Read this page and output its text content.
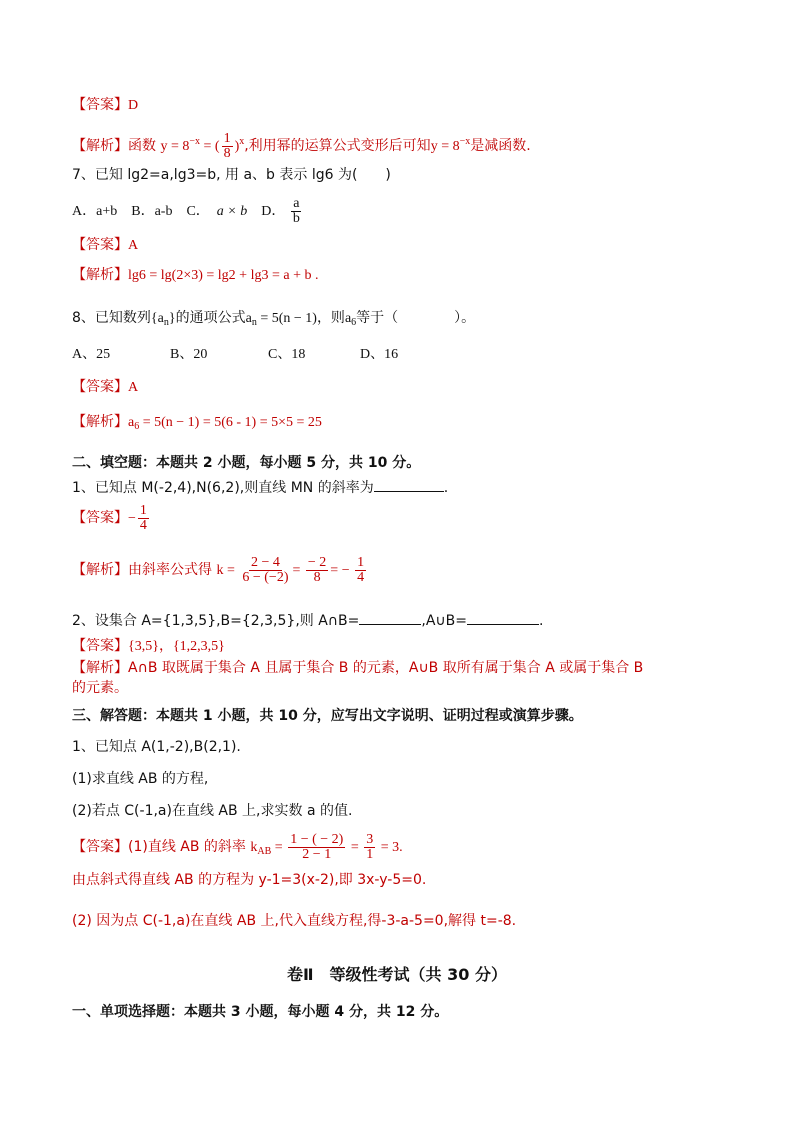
【答案】D
【解析】函数 $y = 8^{-x}$ = ( $\frac{1}{8} )^x$,利用幂的运算公式变形后可知$y = 8^{-x}$是减函数.
7、已知 lg2=a,lg3=b, 用 a、b 表示 lg6 为(　　)
A．a+b B．a-b C． a × b D． $\frac{a}{b}$
【答案】A
【解析】lg6 = lg(2×3) = lg2 + lg3 = a + b .
8、已知数列$\{a_n\}$的通项公式$a_n = 5(n - 1)$，则$a_6$等于（　　　　）。
A、25	B、20	C、18	D、16
【答案】A
【解析】$a_6 = 5(n - 1) = 5(6 - 1) = 5\times 5 = 25$
二、填空题：本题共 2 小题，每小题 5 分，共 10 分。
1、已知点 M(-2,4),N(6,2),则直线 MN 的斜率为	.
【答案】− $\frac{1}{4}$
【解析】由斜率公式得 $k = \frac{2 - 4}{6 - (-2)} = \frac{- 2}{8}$ = − $\frac{1}{4}$
2、设集合 A={1,3,5},B={2,3,5},则 A∩B=	,A∪B=	.
【答案】{3,5}，{1,2,3,5}
【解析】A∩B 取既属于集合 A 且属于集合 B 的元素，A∪B 取所有属于集合 A 或属于集合 B
的元素。
三、解答题：本题共 1 小题，共 10 分，应写出文字说明、证明过程或演算步骤。
1、已知点 A(1,-2),B(2,1).
(1)求直线 AB 的方程,
(2)若点 C(-1,a)在直线 AB 上,求实数 a 的值.
【答案】(1)直线 AB 的斜率 $k_{AB} = \frac{1 - ( - 2)}{2 - 1} = \frac{3}{1} = 3$.
由点斜式得直线 AB 的方程为 y-1=3(x-2),即 3x-y-5=0.
(2) 因为点 C(-1,a)在直线 AB 上,代入直线方程,得-3-a-5=0,解得 t=-8.
卷Ⅱ　等级性考试（共 30 分）
一、单项选择题：本题共 3 小题，每小题 4 分，共 12 分。
